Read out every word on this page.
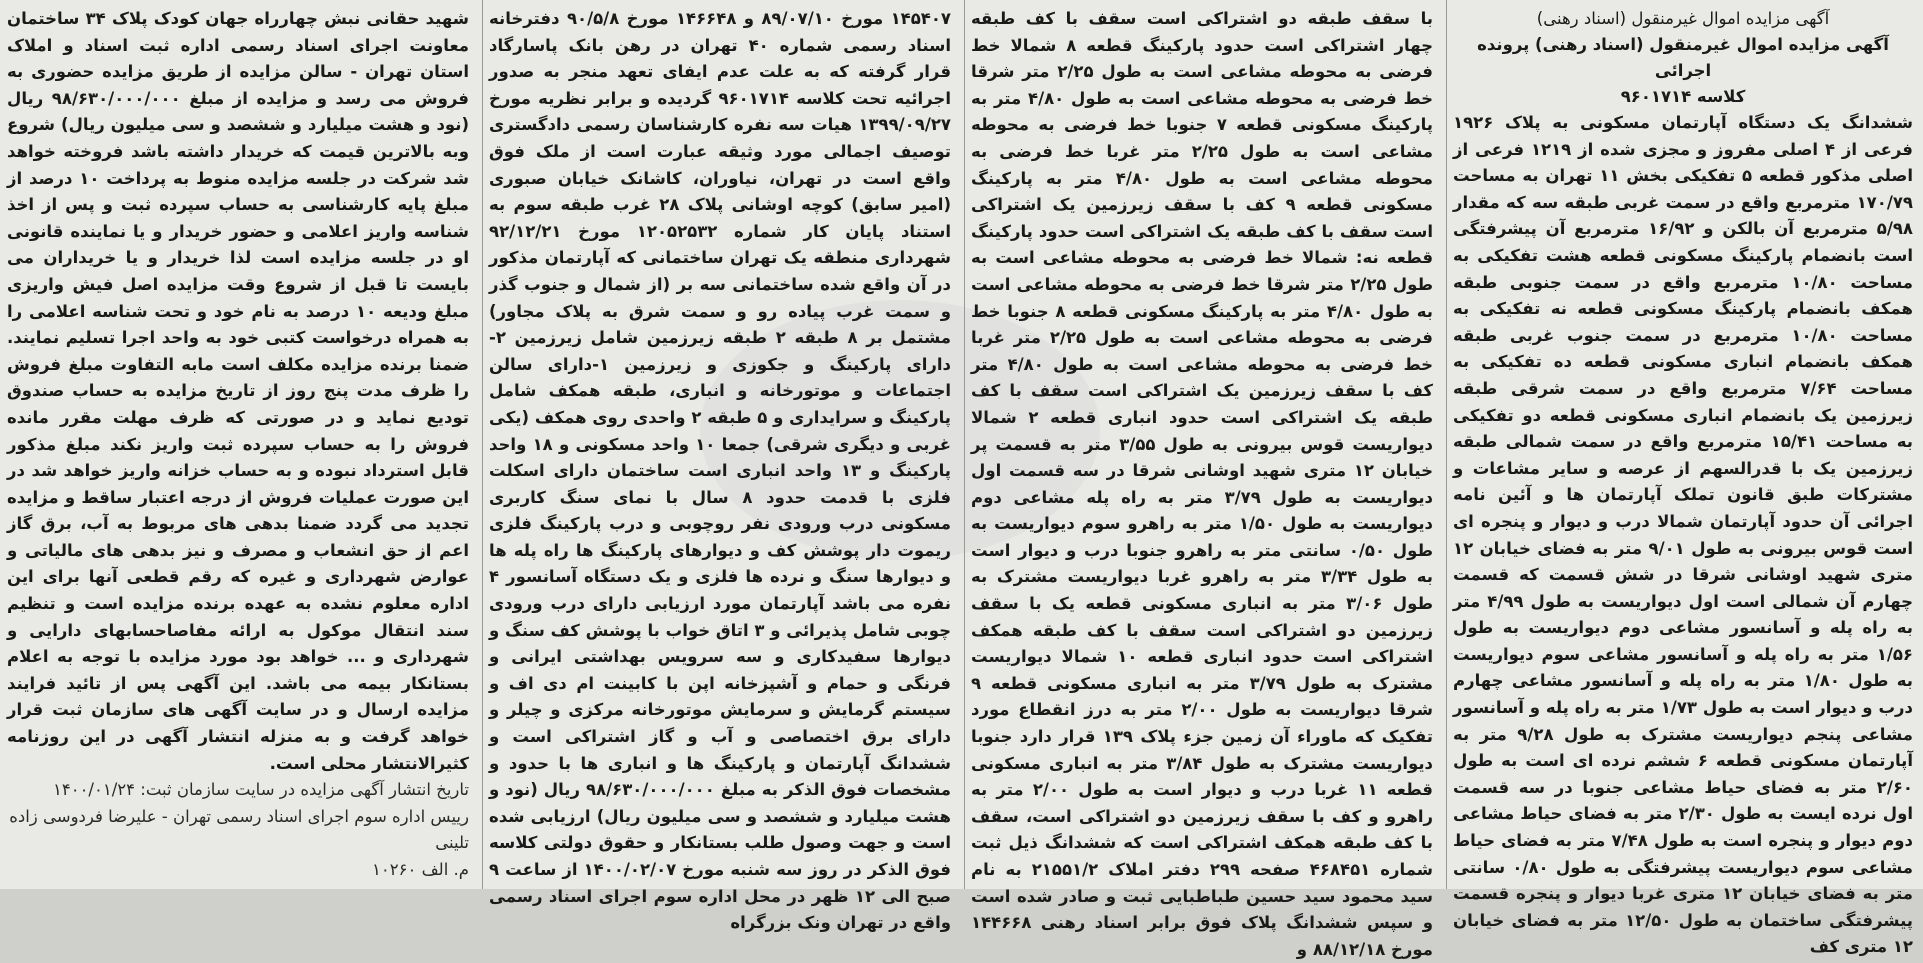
آگهی مزایده اموال غیرمنقول (اسناد رهنی)
آگهی مزایده اموال غیرمنقول (اسناد رهنی) پرونده اجرائی
کلاسه ۹۶۰۱۷۱۴
ششدانگ یک دستگاه آپارتمان مسکونی به پلاک ۱۹۲۶ فرعی از ۴ اصلی مفروز و مجزی شده از ۱۲۱۹ فرعی از اصلی مذکور قطعه ۵ تفکیکی بخش ۱۱ تهران به مساحت ۱۷۰/۷۹ مترمربع واقع در سمت غربی طبقه سه که مقدار ۵/۹۸ مترمربع آن بالکن و ۱۶/۹۲ مترمربع آن پیشرفتگی است بانضمام پارکینگ مسکونی قطعه هشت تفکیکی به مساحت ۱۰/۸۰ مترمربع واقع در سمت جنوبی طبقه همکف بانضمام پارکینگ مسکونی قطعه نه تفکیکی به مساحت ۱۰/۸۰ مترمربع در سمت جنوب غربی طبقه همکف بانضمام انباری مسکونی قطعه ده تفکیکی به مساحت ۷/۶۴ مترمربع واقع در سمت شرقی طبقه زیرزمین یک بانضمام انباری مسکونی قطعه دو تفکیکی به مساحت ۱۵/۴۱ مترمربع واقع در سمت شمالی طبقه زیرزمین یک با قدرالسهم از عرصه و سایر مشاعات و مشترکات طبق قانون تملک آپارتمان ها و آئین نامه اجرائی آن حدود آپارتمان شمالا درب و دیوار و پنجره ای است قوس بیرونی به طول ۹/۰۱ متر به فضای خیابان ۱۲ متری شهید اوشانی شرقا در شش قسمت که قسمت چهارم آن شمالی است اول دیواریست به طول ۴/۹۹ متر به راه پله و آسانسور مشاعی دوم دیواریست به طول ۱/۵۶ متر به راه پله و آسانسور مشاعی سوم دیواریست به طول ۱/۸۰ متر به راه پله و آسانسور مشاعی چهارم درب و دیوار است به طول ۱/۷۳ متر به راه پله و آسانسور مشاعی پنجم دیواریست مشترک به طول ۹/۲۸ متر به آپارتمان مسکونی قطعه ۶ ششم نرده ای است به طول ۲/۶۰ متر به فضای حیاط مشاعی جنوبا در سه قسمت اول نرده ایست به طول ۲/۳۰ متر به فضای حیاط مشاعی دوم دیوار و پنجره است به طول ۷/۴۸ متر به فضای حیاط مشاعی سوم دیواریست پیشرفتگی به طول ۰/۸۰ سانتی متر به فضای خیابان ۱۲ متری غربا دیوار و پنجره قسمت پیشرفتگی ساختمان به طول ۱۲/۵۰ متر به فضای خیابان ۱۲ متری کف
با سقف طبقه دو اشتراکی است سقف با کف طبقه چهار اشتراکی است حدود پارکینگ قطعه ۸ شمالا خط فرضی به محوطه مشاعی است به طول ۲/۲۵ متر شرقا خط فرضی به محوطه مشاعی است به طول ۴/۸۰ متر به پارکینگ مسکونی قطعه ۷ جنوبا خط فرضی به محوطه مشاعی است به طول ۲/۲۵ متر غربا خط فرضی به محوطه مشاعی است به طول ۴/۸۰ متر به پارکینگ مسکونی قطعه ۹ کف با سقف زیرزمین یک اشتراکی است سقف با کف طبقه یک اشتراکی است حدود پارکینگ قطعه نه: شمالا خط فرضی به محوطه مشاعی است به طول ۲/۲۵ متر شرقا خط فرضی به محوطه مشاعی است به طول ۴/۸۰ متر به پارکینگ مسکونی قطعه ۸ جنوبا خط فرضی به محوطه مشاعی است به طول ۲/۲۵ متر غربا خط فرضی به محوطه مشاعی است به طول ۴/۸۰ متر کف با سقف زیرزمین یک اشتراکی است سقف با کف طبقه یک اشتراکی است حدود انباری قطعه ۲ شمالا دیواریست قوس بیرونی به طول ۳/۵۵ متر به قسمت پر خیابان ۱۲ متری شهید اوشانی شرقا در سه قسمت اول دیواریست به طول ۳/۷۹ متر به راه پله مشاعی دوم دیواریست به طول ۱/۵۰ متر به راهرو سوم دیواریست به طول ۰/۵۰ سانتی متر به راهرو جنوبا درب و دیوار است به طول ۳/۳۴ متر به راهرو غربا دیواریست مشترک به طول ۳/۰۶ متر به انباری مسکونی قطعه یک با سقف زیرزمین دو اشتراکی است سقف با کف طبقه همکف اشتراکی است حدود انباری قطعه ۱۰ شمالا دیواریست مشترک به طول ۳/۷۹ متر به انباری مسکونی قطعه ۹ شرقا دیواریست به طول ۲/۰۰ متر به درز انقطاع مورد تفکیک که ماوراء آن زمین جزء پلاک ۱۳۹ قرار دارد جنوبا دیواریست مشترک به طول ۳/۸۴ متر به انباری مسکونی قطعه ۱۱ غربا درب و دیوار است به طول ۲/۰۰ متر به راهرو و کف با سقف زیرزمین دو اشتراکی است، سقف با کف طبقه همکف اشتراکی است که ششدانگ ذیل ثبت شماره ۴۶۸۴۵۱ صفحه ۲۹۹ دفتر املاک ۲۱۵۵۱/۲ به نام سید محمود سید حسین طباطبایی ثبت و صادر شده است و سپس ششدانگ پلاک فوق برابر اسناد رهنی ۱۴۴۶۶۸ مورخ ۸۸/۱۲/۱۸ و
۱۴۵۴۰۷ مورخ ۸۹/۰۷/۱۰ و ۱۴۶۶۴۸ مورخ ۹۰/۵/۸ دفترخانه اسناد رسمی شماره ۴۰ تهران در رهن بانک پاسارگاد قرار گرفته که به علت عدم ایفای تعهد منجر به صدور اجرائیه تحت کلاسه ۹۶۰۱۷۱۴ گردیده و برابر نظریه مورخ ۱۳۹۹/۰۹/۲۷ هیات سه نفره کارشناسان رسمی دادگستری توصیف اجمالی مورد وثیقه عبارت است از ملک فوق واقع است در تهران، نیاوران، کاشانک خیابان صبوری (امیر سابق) کوچه اوشانی پلاک ۲۸ غرب طبقه سوم به استناد پایان کار شماره ۱۲۰۵۲۵۳۲ مورخ ۹۲/۱۲/۲۱ شهرداری منطقه یک تهران ساختمانی که آپارتمان مذکور در آن واقع شده ساختمانی سه بر (از شمال و جنوب گذر و سمت غرب پیاده رو و سمت شرق به پلاک مجاور) مشتمل بر ۸ طبقه ۲ طبقه زیرزمین شامل زیرزمین ۲-دارای پارکینگ و جکوزی و زیرزمین ۱-دارای سالن اجتماعات و موتورخانه و انباری، طبقه همکف شامل پارکینگ و سرایداری و ۵ طبقه ۲ واحدی روی همکف (یکی غربی و دیگری شرقی) جمعا ۱۰ واحد مسکونی و ۱۸ واحد پارکینگ و ۱۳ واحد انباری است ساختمان دارای اسکلت فلزی با قدمت حدود ۸ سال با نمای سنگ کاربری مسکونی درب ورودی نفر روچوبی و درب پارکینگ فلزی ریموت دار پوشش کف و دیوارهای پارکینگ ها راه پله ها و دیوارها سنگ و نرده ها فلزی و یک دستگاه آسانسور ۴ نفره می باشد آپارتمان مورد ارزیابی دارای درب ورودی چوبی شامل پذیرائی و ۳ اتاق خواب با پوشش کف سنگ و دیوارها سفیدکاری و سه سرویس بهداشتی ایرانی و فرنگی و حمام و آشپزخانه اپن با کابینت ام دی اف و سیستم گرمایش و سرمایش موتورخانه مرکزی و چیلر و دارای برق اختصاصی و آب و گاز اشتراکی است و ششدانگ آپارتمان و پارکینگ ها و انباری ها با حدود و مشخصات فوق الذکر به مبلغ ۹۸/۶۳۰/۰۰۰/۰۰۰ ریال (نود و هشت میلیارد و ششصد و سی میلیون ریال) ارزیابی شده است و جهت وصول طلب بستانکار و حقوق دولتی کلاسه فوق الذکر در روز سه شنبه مورخ ۱۴۰۰/۰۲/۰۷ از ساعت ۹ صبح الی ۱۲ ظهر در محل اداره سوم اجرای اسناد رسمی واقع در تهران ونک بزرگراه
شهید حقانی نبش چهارراه جهان کودک پلاک ۳۴ ساختمان معاونت اجرای اسناد رسمی اداره ثبت اسناد و املاک استان تهران - سالن مزایده از طریق مزایده حضوری به فروش می رسد و مزایده از مبلغ ۹۸/۶۳۰/۰۰۰/۰۰۰ ریال (نود و هشت میلیارد و ششصد و سی میلیون ریال) شروع وبه بالاترین قیمت که خریدار داشته باشد فروخته خواهد شد شرکت در جلسه مزایده منوط به پرداخت ۱۰ درصد از مبلغ پایه کارشناسی به حساب سپرده ثبت و پس از اخذ شناسه واریز اعلامی و حضور خریدار و یا نماینده قانونی او در جلسه مزایده است لذا خریدار و یا خریداران می بایست تا قبل از شروع وقت مزایده اصل فیش واریزی مبلغ ودیعه ۱۰ درصد به نام خود و تحت شناسه اعلامی را به همراه درخواست کتبی خود به واحد اجرا تسلیم نمایند. ضمنا برنده مزایده مکلف است مابه التفاوت مبلغ فروش را ظرف مدت پنج روز از تاریخ مزایده به حساب صندوق تودیع نماید و در صورتی که ظرف مهلت مقرر مانده فروش را به حساب سپرده ثبت واریز نکند مبلغ مذکور قابل استرداد نبوده و به حساب خزانه واریز خواهد شد در این صورت عملیات فروش از درجه اعتبار ساقط و مزایده تجدید می گردد ضمنا بدهی های مربوط به آب، برق گاز اعم از حق انشعاب و مصرف و نیز بدهی های مالیاتی و عوارض شهرداری و غیره که رقم قطعی آنها برای این اداره معلوم نشده به عهده برنده مزایده است و تنظیم سند انتقال موکول به ارائه مفاصاحسابهای دارایی و شهرداری و ... خواهد بود مورد مزایده با توجه به اعلام بستانکار بیمه می باشد. این آگهی پس از تائید فرایند مزایده ارسال و در سایت آگهی های سازمان ثبت قرار خواهد گرفت و به منزله انتشار آگهی در این روزنامه کثیرالانتشار محلی است.
تاریخ انتشار آگهی مزایده در سایت سازمان ثبت: ۱۴۰۰/۰۱/۲۴
رییس اداره سوم اجرای اسناد رسمی تهران - علیرضا فردوسی زاده
تلینی
م. الف ۱۰۲۶۰
